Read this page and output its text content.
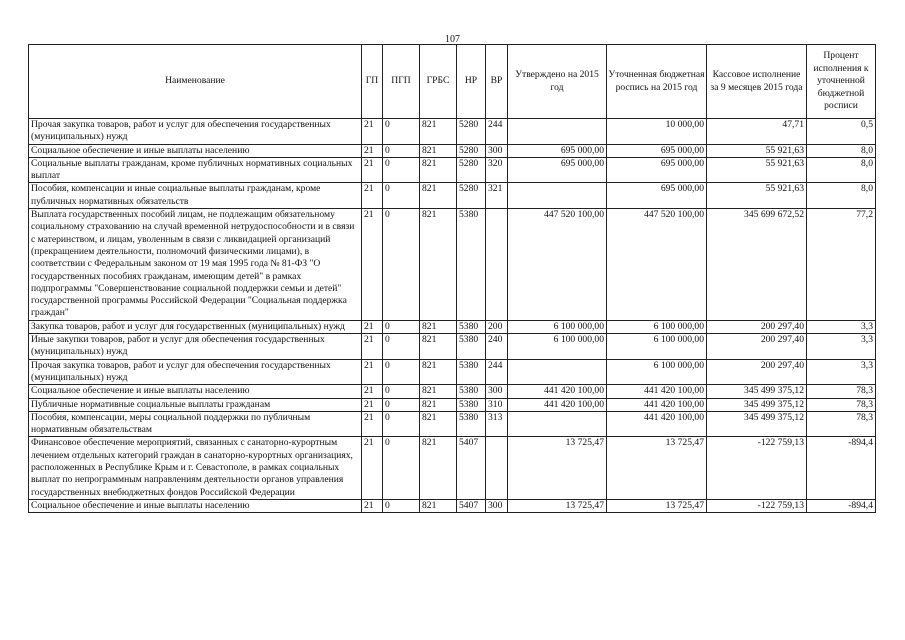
107
Наименование	ГП	ПГП	ГРБС	НР	ВР	Утверждено на 2015 год	Уточненная бюджетная роспись на 2015 год	Кассовое исполнение за 9 месяцев 2015 года	Процент исполнения к уточненной бюджетной росписи
Прочая закупка товаров, работ и услуг для обеспечения государственных (муниципальных) нужд	21	0	821	5280	244		10 000,00	47,71	0,5
Социальное обеспечение и иные выплаты населению	21	0	821	5280	300	695 000,00	695 000,00	55 921,63	8,0
Социальные выплаты гражданам, кроме публичных нормативных социальных выплат	21	0	821	5280	320	695 000,00	695 000,00	55 921,63	8,0
Пособия, компенсации и иные социальные выплаты гражданам, кроме публичных нормативных обязательств	21	0	821	5280	321		695 000,00	55 921,63	8,0
Выплата государственных пособий лицам, не подлежащим обязательному социальному страхованию на случай временной нетрудоспособности и в связи с материнством, и лицам, уволенным в связи с ликвидацией организаций (прекращением деятельности, полномочий физическими лицами), в соответствии с Федеральным законом от 19 мая 1995 года № 81-ФЗ "О государственных пособиях гражданам, имеющим детей" в рамках подпрограммы "Совершенствование социальной поддержки семьи и детей" государственной программы Российской Федерации "Социальная поддержка граждан"	21	0	821	5380		447 520 100,00	447 520 100,00	345 699 672,52	77,2
Закупка товаров, работ и услуг для государственных (муниципальных) нужд	21	0	821	5380	200	6 100 000,00	6 100 000,00	200 297,40	3,3
Иные закупки товаров, работ и услуг для обеспечения государственных (муниципальных) нужд	21	0	821	5380	240	6 100 000,00	6 100 000,00	200 297,40	3,3
Прочая закупка товаров, работ и услуг для обеспечения государственных (муниципальных) нужд	21	0	821	5380	244		6 100 000,00	200 297,40	3,3
Социальное обеспечение и иные выплаты населению	21	0	821	5380	300	441 420 100,00	441 420 100,00	345 499 375,12	78,3
Публичные нормативные социальные выплаты гражданам	21	0	821	5380	310	441 420 100,00	441 420 100,00	345 499 375,12	78,3
Пособия, компенсации, меры социальной поддержки по публичным нормативным обязательствам	21	0	821	5380	313		441 420 100,00	345 499 375,12	78,3
Финансовое обеспечение мероприятий, связанных с санаторно-курортным лечением отдельных категорий граждан в санаторно-курортных организациях, расположенных в Республике Крым и г. Севастополе, в рамках социальных выплат по непрограммным направлениям деятельности органов управления государственных внебюджетных фондов Российской Федерации	21	0	821	5407		13 725,47	13 725,47	-122 759,13	-894,4
Социальное обеспечение и иные выплаты населению	21	0	821	5407	300	13 725,47	13 725,47	-122 759,13	-894,4
